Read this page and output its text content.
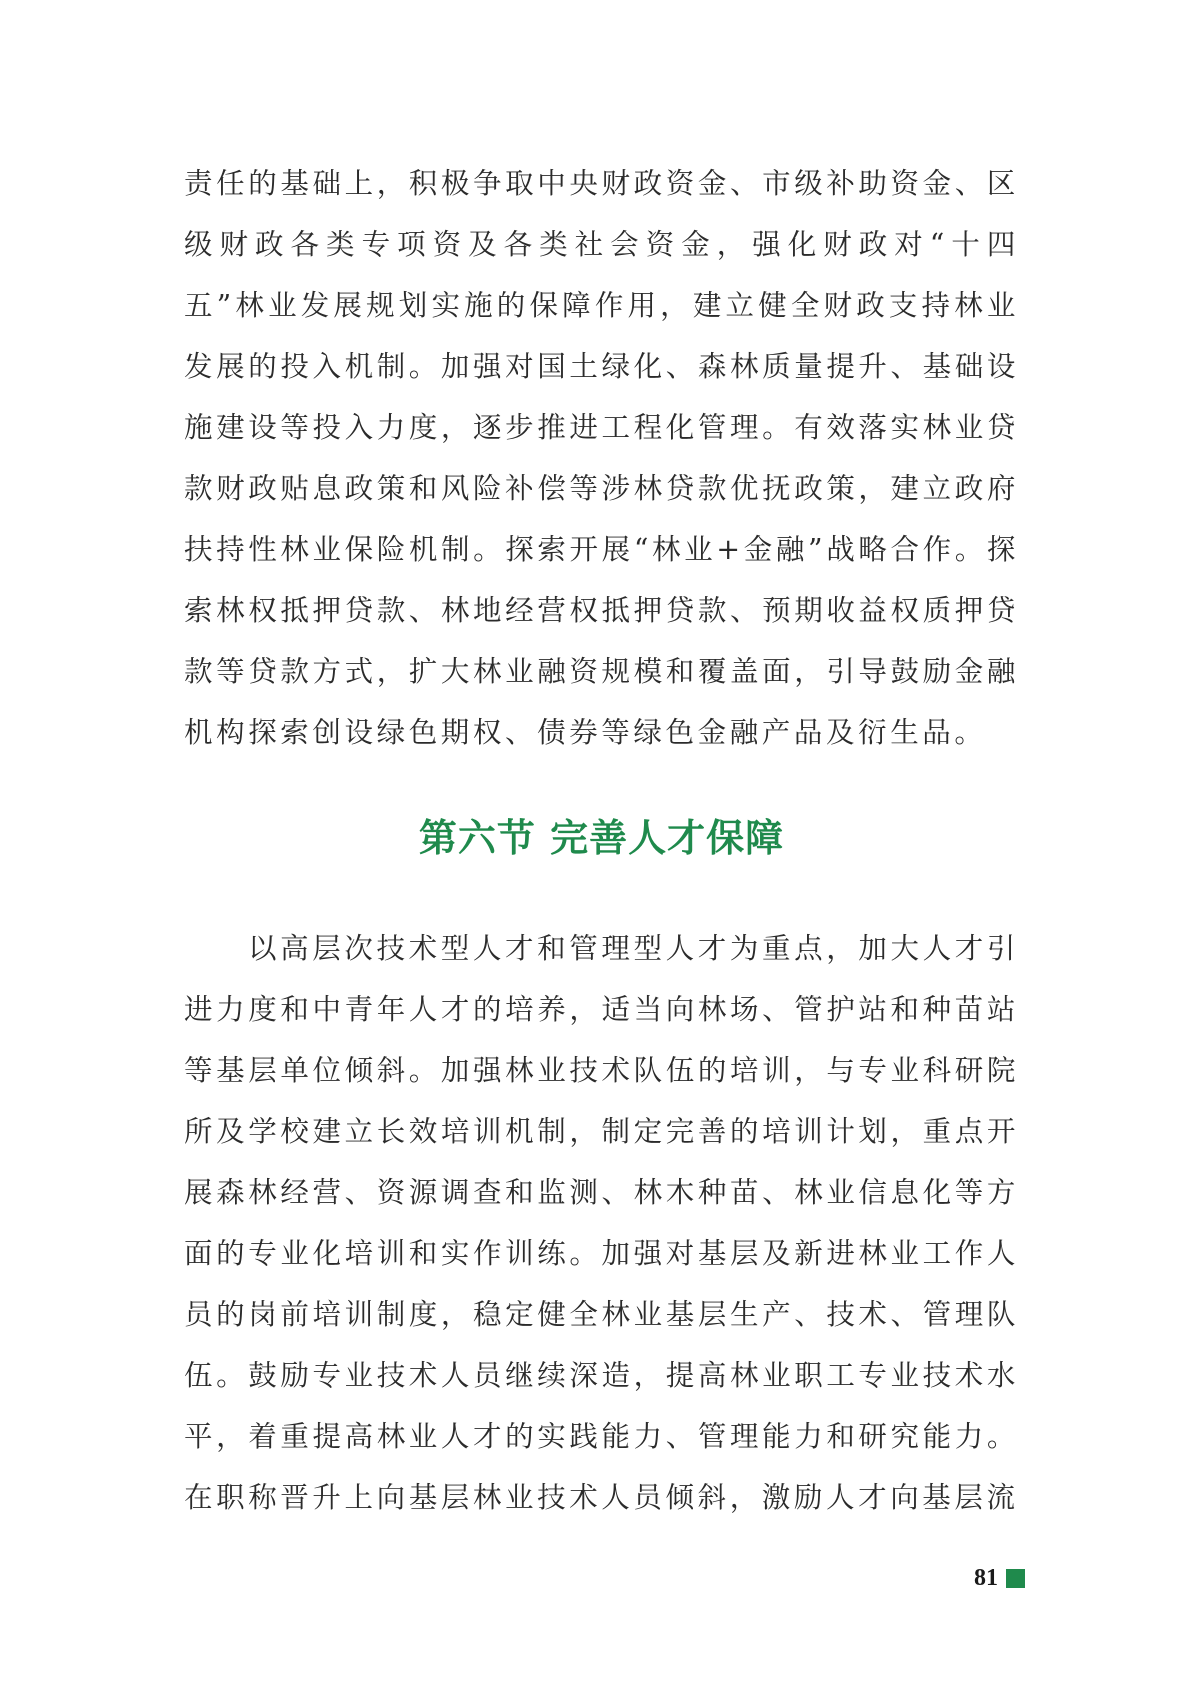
责任的基础上，积极争取中央财政资金、市级补助资金、区级财政各类专项资及各类社会资金，强化财政对“十四五”林业发展规划实施的保障作用，建立健全财政支持林业发展的投入机制。加强对国土绿化、森林质量提升、基础设施建设等投入力度，逐步推进工程化管理。有效落实林业贷款财政贴息政策和风险补偿等涉林贷款优抚政策，建立政府扶持性林业保险机制。探索开展“林业+金融”战略合作。探索林权抵押贷款、林地经营权抵押贷款、预期收益权质押贷款等贷款方式，扩大林业融资规模和覆盖面，引导鼓励金融机构探索创设绿色期权、债券等绿色金融产品及衍生品。

第六节 完善人才保障

以高层次技术型人才和管理型人才为重点，加大人才引进力度和中青年人才的培养，适当向林场、管护站和种苗站等基层单位倾斜。加强林业技术队伍的培训，与专业科研院所及学校建立长效培训机制，制定完善的培训计划，重点开展森林经营、资源调查和监测、林木种苗、林业信息化等方面的专业化培训和实作训练。加强对基层及新进林业工作人员的岗前培训制度，稳定健全林业基层生产、技术、管理队伍。鼓励专业技术人员继续深造，提高林业职工专业技术水平，着重提高林业人才的实践能力、管理能力和研究能力。在职称晋升上向基层林业技术人员倾斜，激励人才向基层流

81
